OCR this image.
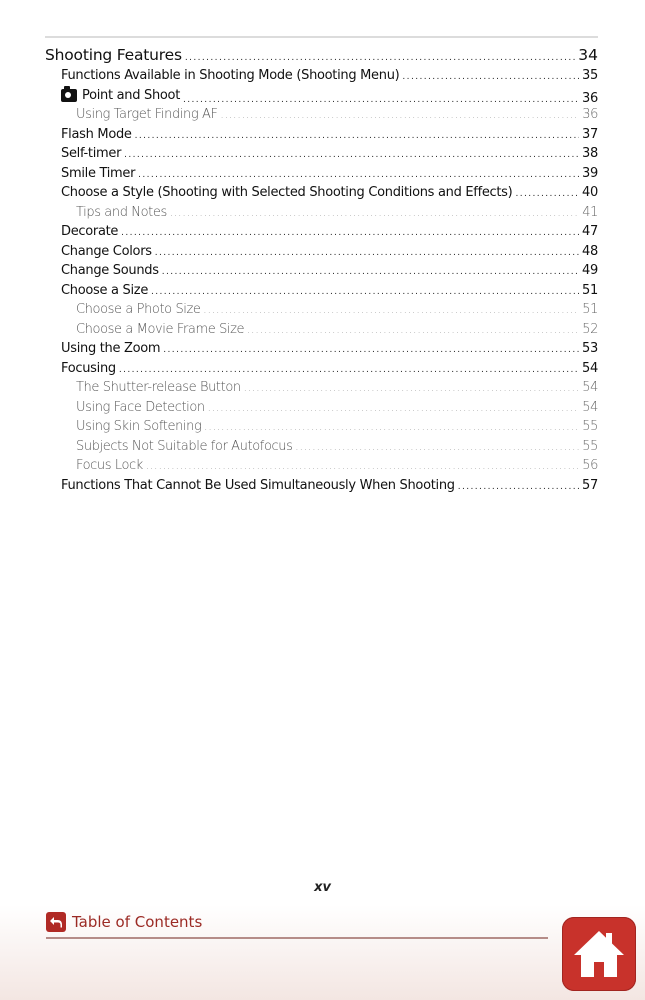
Shooting Features .....	34
Functions Available in Shooting Mode (Shooting Menu) .....	35
Point and Shoot .....	36
Using Target Finding AF .....	36
Flash Mode .....	37
Self-timer .....	38
Smile Timer .....	39
Choose a Style (Shooting with Selected Shooting Conditions and Effects) .....	40
Tips and Notes .....	41
Decorate .....	47
Change Colors .....	48
Change Sounds .....	49
Choose a Size .....	51
Choose a Photo Size .....	51
Choose a Movie Frame Size .....	52
Using the Zoom .....	53
Focusing .....	54
The Shutter-release Button .....	54
Using Face Detection .....	54
Using Skin Softening .....	55
Subjects Not Suitable for Autofocus .....	55
Focus Lock .....	56
Functions That Cannot Be Used Simultaneously When Shooting .....	57
xv
Table of Contents
